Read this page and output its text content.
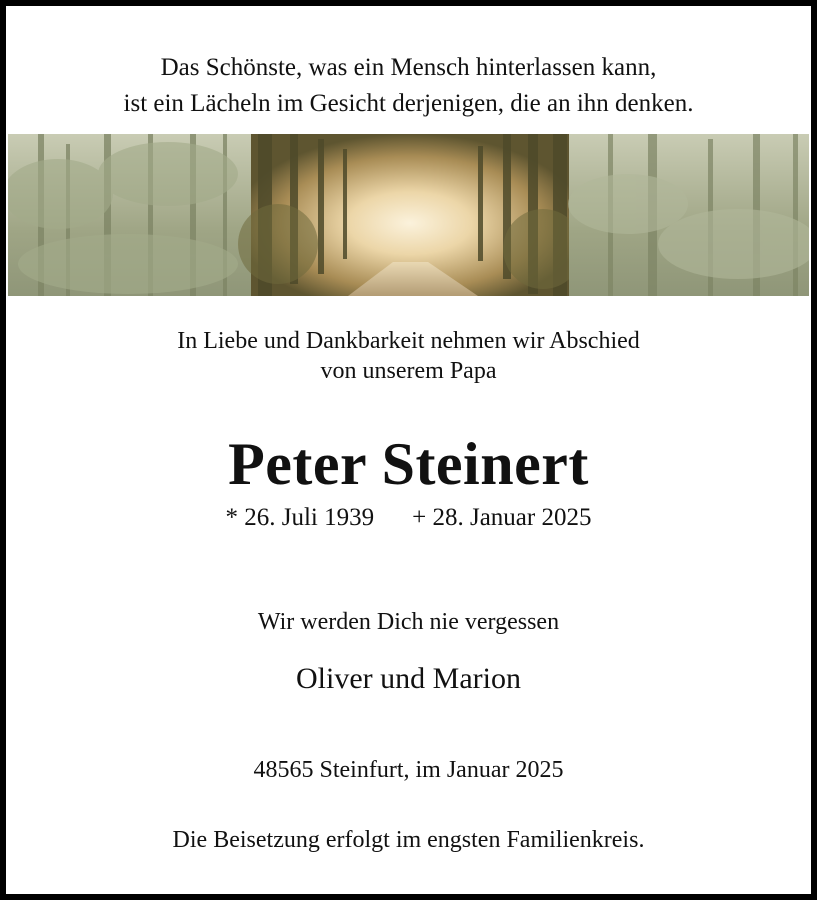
Das Schönste, was ein Mensch hinterlassen kann,
ist ein Lächeln im Gesicht derjenigen, die an ihn denken.
In Liebe und Dankbarkeit nehmen wir Abschied
von unserem Papa
Peter Steinert
* 26. Juli 1939 + 28. Januar 2025
Wir werden Dich nie vergessen
Oliver und Marion
48565 Steinfurt, im Januar 2025
Die Beisetzung erfolgt im engsten Familienkreis.
